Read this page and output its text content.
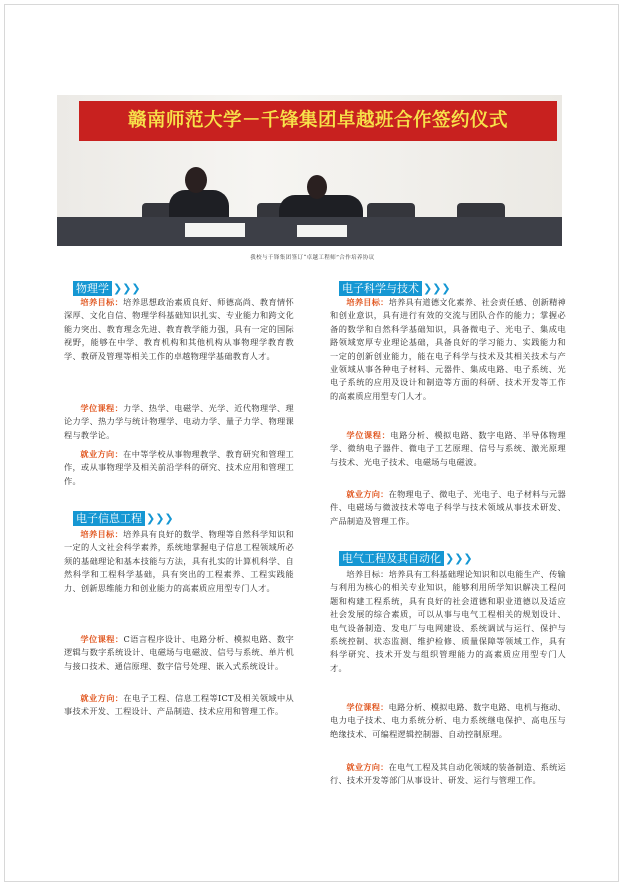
赣南师范大学－千锋集团卓越班合作签约仪式
我校与千锋集团签订“卓越工程师”合作培养协议
物理学 ❯❯❯
培养目标：培养思想政治素质良好、师德高尚、教育情怀深厚、文化自信、物理学科基础知识扎实、专业能力和跨文化能力突出、教育理念先进、教育教学能力强，具有一定的国际视野，能够在中学、教育机构和其他机构从事物理学教育教学、教研及管理等相关工作的卓越物理学基础教育人才。
学位课程：力学、热学、电磁学、光学、近代物理学、理论力学、热力学与统计物理学、电动力学、量子力学、物理课程与教学论。
就业方向：在中等学校从事物理教学、教育研究和管理工作，或从事物理学及相关前沿学科的研究、技术应用和管理工作。
电子信息工程 ❯❯❯
培养目标：培养具有良好的数学、物理等自然科学知识和一定的人文社会科学素养，系统地掌握电子信息工程领域所必须的基础理论和基本技能与方法，具有扎实的计算机科学、自然科学和工程科学基础，具有突出的工程素养、工程实践能力、创新思维能力和创业能力的高素质应用型专门人才。
学位课程：C语言程序设计、电路分析、模拟电路、数字逻辑与数字系统设计、电磁场与电磁波、信号与系统、单片机与接口技术、通信原理、数字信号处理、嵌入式系统设计。
就业方向：在电子工程、信息工程等ICT及相关领域中从事技术开发、工程设计、产品制造、技术应用和管理工作。
电子科学与技术 ❯❯❯
培养目标：培养具有道德文化素养、社会责任感、创新精神和创业意识，具有进行有效的交流与团队合作的能力；掌握必备的数学和自然科学基础知识，具备微电子、光电子、集成电路领域宽厚专业理论基础，具备良好的学习能力、实践能力和一定的创新创业能力，能在电子科学与技术及其相关技术与产业领域从事各种电子材料、元器件、集成电路、电子系统、光电子系统的应用及设计和制造等方面的科研、技术开发等工作的高素质应用型专门人才。
学位课程：电路分析、模拟电路、数字电路、半导体物理学、微纳电子器件、微电子工艺原理、信号与系统、激光原理与技术、光电子技术、电磁场与电磁波。
就业方向：在物理电子、微电子、光电子、电子材料与元器件、电磁场与微波技术等电子科学与技术领域从事技术研发、产品制造及管理工作。
电气工程及其自动化 ❯❯❯
培养目标：培养具有工科基础理论知识和以电能生产、传输与利用为核心的相关专业知识，能够利用所学知识解决工程问题和构建工程系统，具有良好的社会道德和职业道德以及适应社会发展的综合素质，可以从事与电气工程相关的规划设计、电气设备制造、发电厂与电网建设、系统调试与运行、保护与系统控制、状态监测、维护检修、质量保障等领域工作，具有科学研究、技术开发与组织管理能力的高素质应用型专门人才。
学位课程：电路分析、模拟电路、数字电路、电机与拖动、电力电子技术、电力系统分析、电力系统继电保护、高电压与绝缘技术、可编程逻辑控制器、自动控制原理。
就业方向：在电气工程及其自动化领域的装备制造、系统运行、技术开发等部门从事设计、研发、运行与管理工作。
